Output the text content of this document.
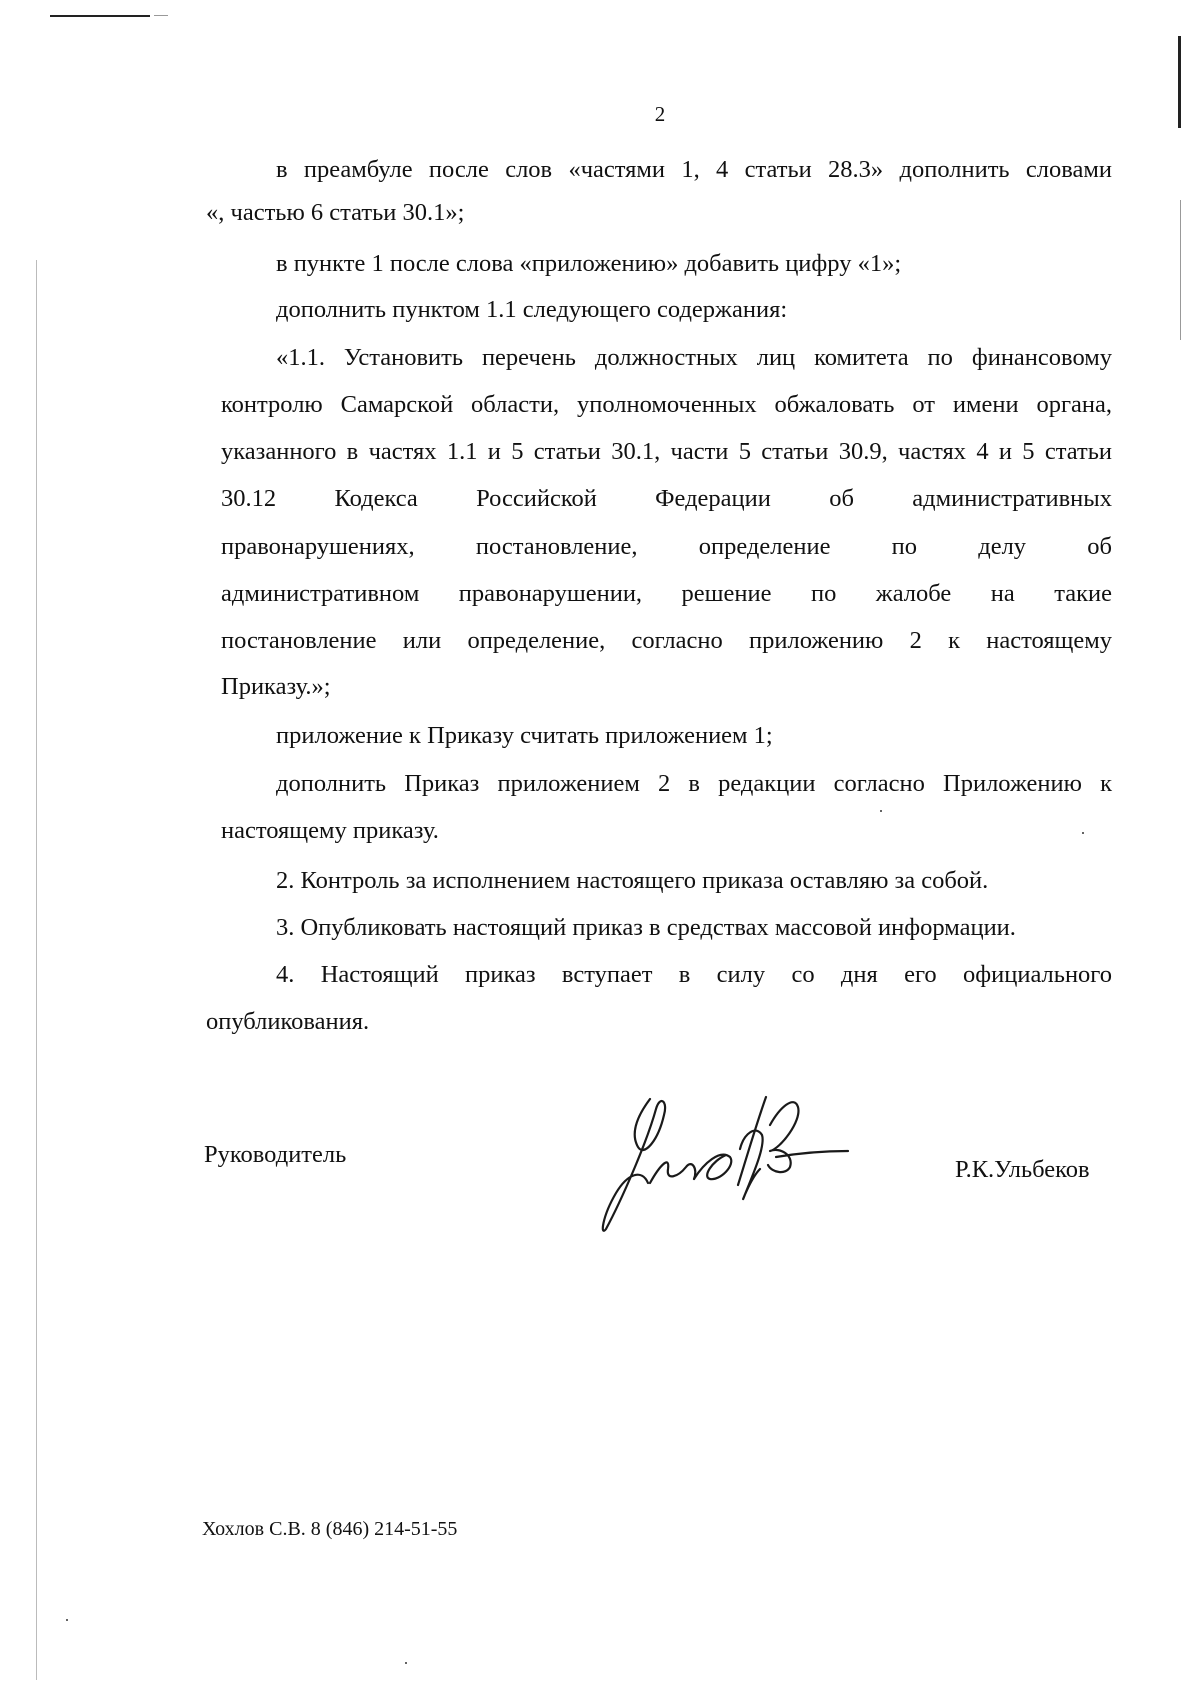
2
в преамбуле после слов «частями 1, 4 статьи 28.3» дополнить словами
«, частью 6 статьи 30.1»;
в пункте 1 после слова «приложению» добавить цифру «1»;
дополнить пунктом 1.1 следующего содержания:
«1.1. Установить перечень должностных лиц комитета по финансовому
контролю Самарской области, уполномоченных обжаловать от имени органа,
указанного в частях 1.1 и 5 статьи 30.1, части 5 статьи 30.9, частях 4 и 5 статьи
30.12 Кодекса Российской Федерации об административных
правонарушениях, постановление, определение по делу об
административном правонарушении, решение по жалобе на такие
постановление или определение, согласно приложению 2 к настоящему
Приказу.»;
приложение к Приказу считать приложением 1;
дополнить Приказ приложением 2 в редакции согласно Приложению к
настоящему приказу.
2. Контроль за исполнением настоящего приказа оставляю за собой.
3. Опубликовать настоящий приказ в средствах массовой информации.
4. Настоящий приказ вступает в силу со дня его официального
опубликования.
Руководитель
Р.К.Ульбеков
Хохлов С.В. 8 (846) 214-51-55
